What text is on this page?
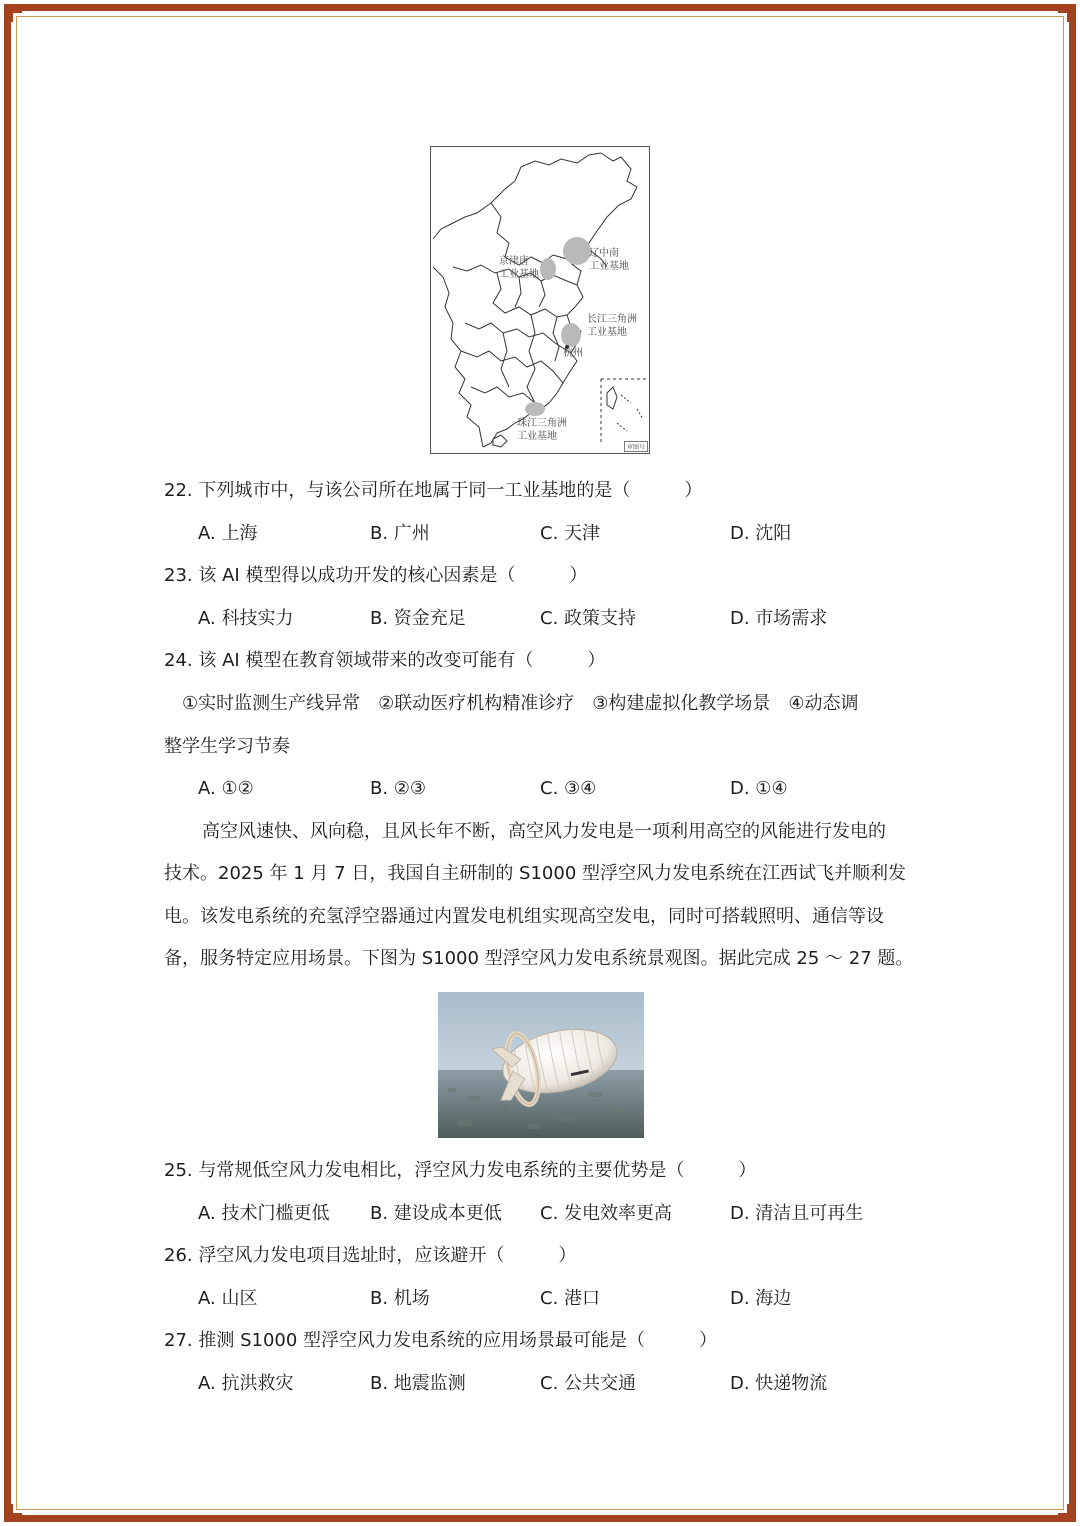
京津唐
工业基地
辽中南
工业基地
长江三角洲
工业基地
杭州
珠江三角洲
工业基地
审图号
22. 下列城市中，与该公司所在地属于同一工业基地的是（　　　）
A. 上海	B. 广州	C. 天津	D. 沈阳
23. 该 AI 模型得以成功开发的核心因素是（　　　）
A. 科技实力	B. 资金充足	C. 政策支持	D. 市场需求
24. 该 AI 模型在教育领域带来的改变可能有（　　　）
①实时监测生产线异常　②联动医疗机构精准诊疗　③构建虚拟化教学场景　④动态调
整学生学习节奏
A. ①②	B. ②③	C. ③④	D. ①④
高空风速快、风向稳，且风长年不断，高空风力发电是一项利用高空的风能进行发电的
技术。2025 年 1 月 7 日，我国自主研制的 S1000 型浮空风力发电系统在江西试飞并顺利发
电。该发电系统的充氢浮空器通过内置发电机组实现高空发电，同时可搭载照明、通信等设
备，服务特定应用场景。下图为 S1000 型浮空风力发电系统景观图。据此完成 25 ～ 27 题。
25. 与常规低空风力发电相比，浮空风力发电系统的主要优势是（　　　）
A. 技术门槛更低 B. 建设成本更低 C. 发电效率更高	D. 清洁且可再生
26. 浮空风力发电项目选址时，应该避开（　　　）
A. 山区	B. 机场	C. 港口	D. 海边
27. 推测 S1000 型浮空风力发电系统的应用场景最可能是（　　　）
A. 抗洪救灾	B. 地震监测	C. 公共交通	D. 快递物流
